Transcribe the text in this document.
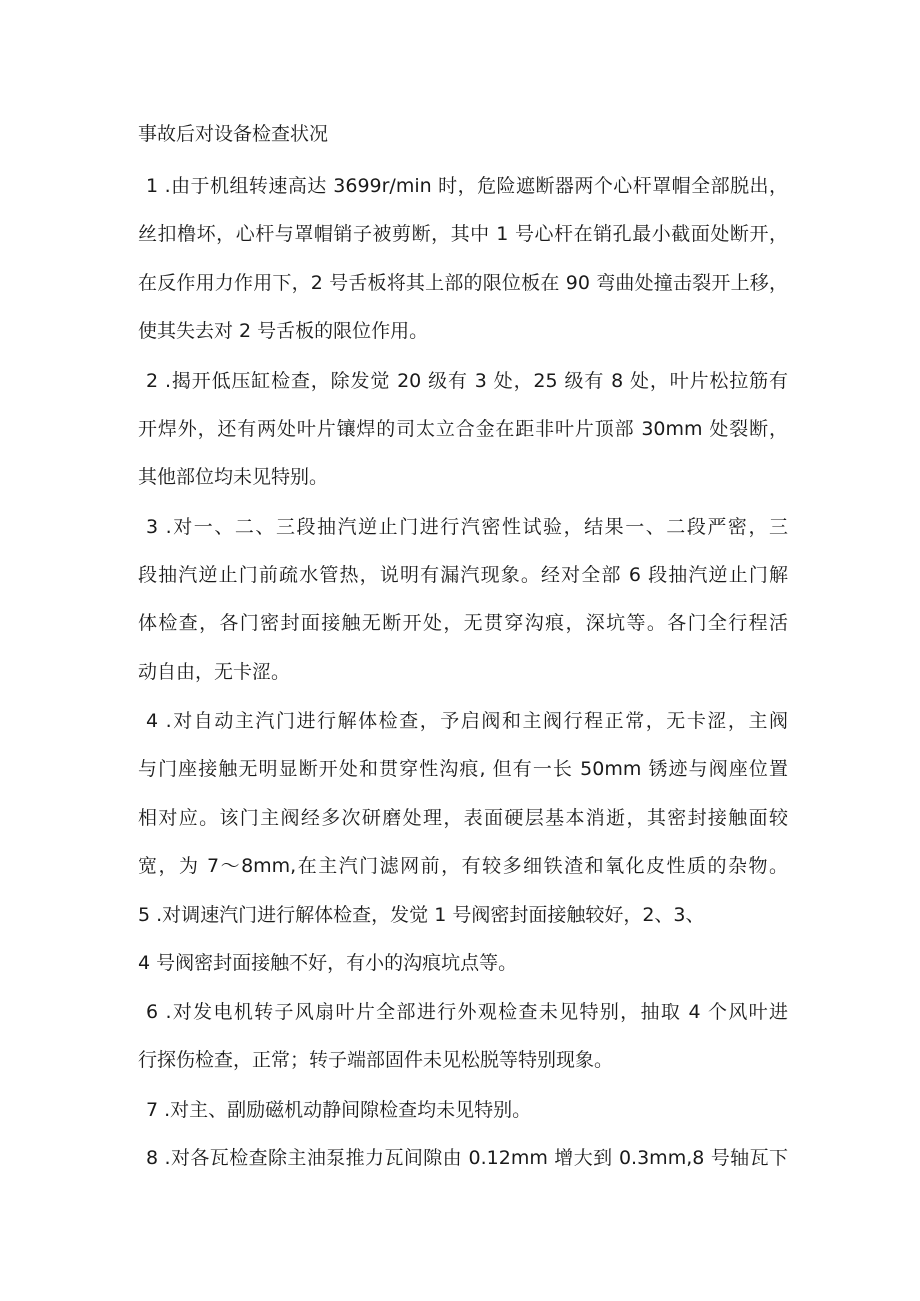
事故后对设备检查状况
1 .由于机组转速高达 3699r/min 时，危险遮断器两个心杆罩帽全部脱出，
丝扣橹坏，心杆与罩帽销子被剪断，其中 1 号心杆在销孔最小截面处断开，
在反作用力作用下，2 号舌板将其上部的限位板在 90 弯曲处撞击裂开上移，
使其失去对 2 号舌板的限位作用。
2 .揭开低压缸检查，除发觉 20 级有 3 处，25 级有 8 处，叶片松拉筋有
开焊外，还有两处叶片镶焊的司太立合金在距非叶片顶部 30mm 处裂断，
其他部位均未见特别。
3 .对一、二、三段抽汽逆止门进行汽密性试验，结果一、二段严密，三
段抽汽逆止门前疏水管热，说明有漏汽现象。经对全部 6 段抽汽逆止门解
体检查，各门密封面接触无断开处，无贯穿沟痕，深坑等。各门全行程活
动自由，无卡涩。
4 .对自动主汽门进行解体检查，予启阀和主阀行程正常，无卡涩，主阀
与门座接触无明显断开处和贯穿性沟痕, 但有一长 50mm 锈迹与阀座位置
相对应。该门主阀经多次研磨处理，表面硬层基本消逝，其密封接触面较
宽，为 7～8mm,在主汽门滤网前，有较多细铁渣和氧化皮性质的杂物。
5 .对调速汽门进行解体检查，发觉 1 号阀密封面接触较好，2、3、
4 号阀密封面接触不好，有小的沟痕坑点等。
6 .对发电机转子风扇叶片全部进行外观检查未见特别，抽取 4 个风叶进
行探伤检查，正常；转子端部固件未见松脱等特别现象。
7 .对主、副励磁机动静间隙检查均未见特别。
8 .对各瓦检查除主油泵推力瓦间隙由 0.12mm 增大到 0.3mm,8 号轴瓦下
